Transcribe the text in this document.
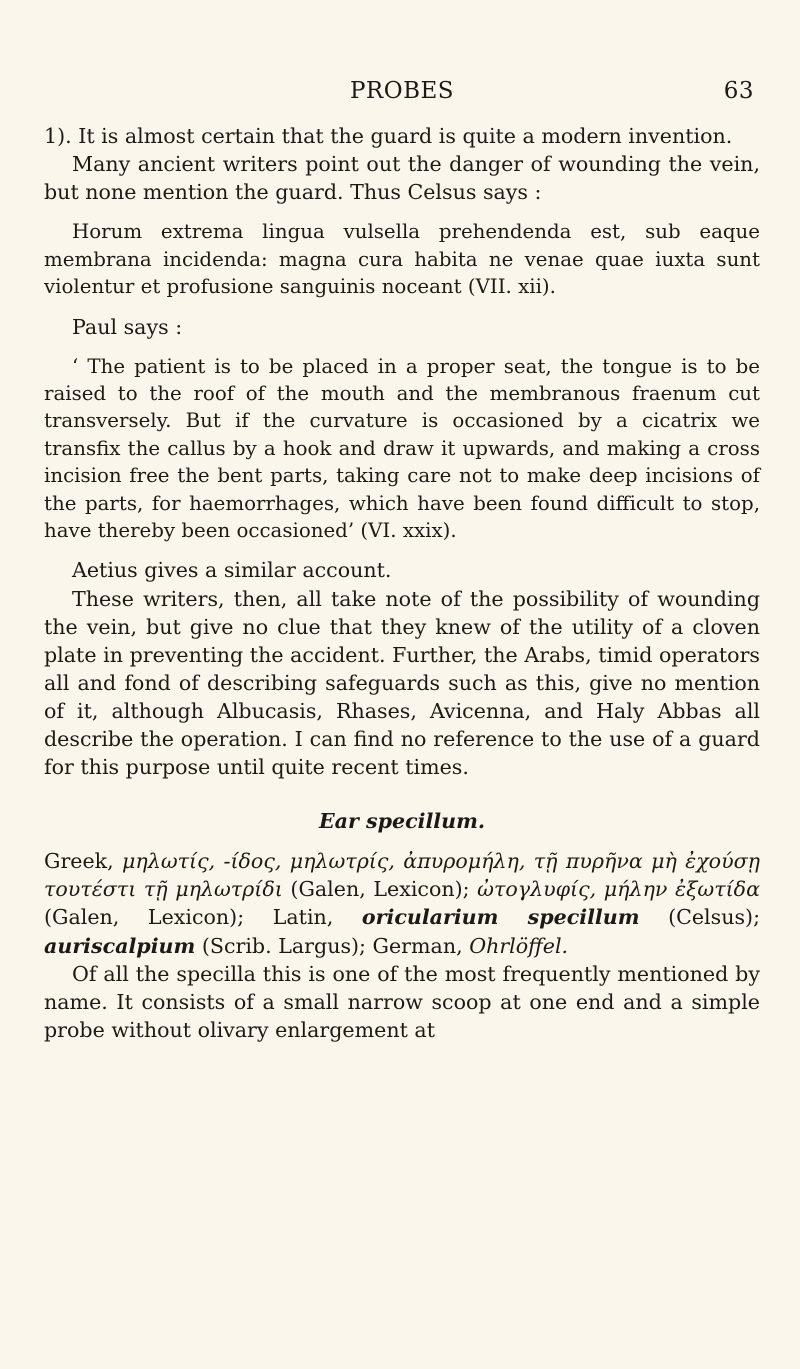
PROBES	63

1). It is almost certain that the guard is quite a modern invention.

Many ancient writers point out the danger of wounding the vein, but none mention the guard. Thus Celsus says :

Horum extrema lingua vulsella prehendenda est, sub eaque membrana incidenda: magna cura habita ne venae quae iuxta sunt violentur et profusione sanguinis noceant (VII. xii).

Paul says :

‘ The patient is to be placed in a proper seat, the tongue is to be raised to the roof of the mouth and the membranous fraenum cut transversely. But if the curvature is occasioned by a cicatrix we transfix the callus by a hook and draw it upwards, and making a cross incision free the bent parts, taking care not to make deep incisions of the parts, for haemorrhages, which have been found difficult to stop, have thereby been occasioned’ (VI. xxix).

Aetius gives a similar account.

These writers, then, all take note of the possibility of wounding the vein, but give no clue that they knew of the utility of a cloven plate in preventing the accident. Further, the Arabs, timid operators all and fond of describing safeguards such as this, give no mention of it, although Albucasis, Rhases, Avicenna, and Haly Abbas all describe the operation. I can find no reference to the use of a guard for this purpose until quite recent times.

Ear specillum.

Greek, μηλωτίς, -ίδος, μηλωτρίς, ἀπυρομήλη, τῇ πυρῆνα μὴ ἐχούσῃ τουτέστι τῇ μηλωτρίδι (Galen, Lexicon); ὠτογλυφίς, μήλην ἐξωτίδα (Galen, Lexicon); Latin, oricularium specillum (Celsus); auriscalpium (Scrib. Largus); German, Ohrlöffel.

Of all the specilla this is one of the most frequently mentioned by name. It consists of a small narrow scoop at one end and a simple probe without olivary enlargement at
